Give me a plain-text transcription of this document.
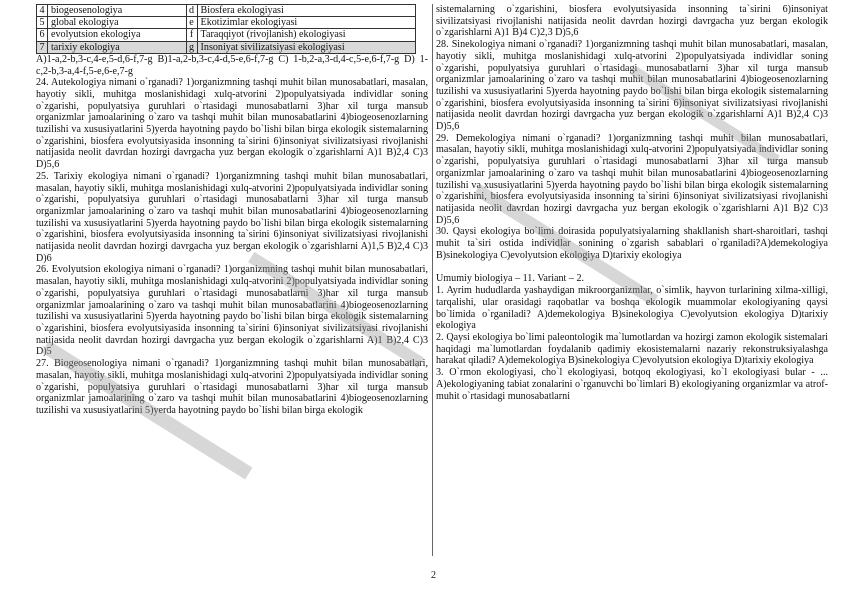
4	biogeosenologiya	d	Biosfera ekologiyasi
5	global ekologiya	e	Ekotizimlar ekologiyasi
6	evolyutsion ekologiya	f	Taraqqiyot (rivojlanish) ekologiyasi
7	tarixiy ekologiya	g	Insoniyat sivilizatsiyasi ekologiyasi

A)1-a,2-b,3-c,4-e,5-d,6-f,7-g B)1-a,2-b,3-c,4-d,5-e,6-f,7-g C) 1-b,2-a,3-d,4-c,5-e,6-f,7-g D) 1-c,2-b,3-a,4-f,5-e,6-e,7-g

24. Autekologiya nimani o`rganadi? 1)organizmning tashqi muhit bilan munosabatlari, masalan, hayotiy sikli, muhitga moslanishidagi xulq-atvorini 2)populyatsiyada individlar soning o`zgarishi, populyatsiya guruhlari o`rtasidagi munosabatlarni 3)har xil turga mansub organizmlar jamoalarining o`zaro va tashqi muhit bilan munosabatlarini 4)biogeosenozlarning tuzilishi va xususiyatlarini 5)yerda hayotning paydo bo`lishi bilan birga ekologik sistemalarning o`zgarishini, biosfera evolyutsiyasida insonning ta`sirini 6)insoniyat sivilizatsiyasi rivojlanishi natijasida neolit davrdan hozirgi davrgacha yuz bergan ekologik o`zgarishlarni A)1 B)2,4 C)3 D)5,6

25. Tarixiy ekologiya nimani o`rganadi? 1)organizmning tashqi muhit bilan munosabatlari, masalan, hayotiy sikli, muhitga moslanishidagi xulq-atvorini 2)populyatsiyada individlar soning o`zgarishi, populyatsiya guruhlari o`rtasidagi munosabatlarni 3)har xil turga mansub organizmlar jamoalarining o`zaro va tashqi muhit bilan munosabatlarini 4)biogeosenozlarning tuzilishi va xususiyatlarini 5)yerda hayotning paydo bo`lishi bilan birga ekologik sistemalarning o`zgarishini, biosfera evolyutsiyasida insonning ta`sirini 6)insoniyat sivilizatsiyasi rivojlanishi natijasida neolit davrdan hozirgi davrgacha yuz bergan ekologik o`zgarishlarni A)1,5 B)2,4 C)3 D)6

26. Evolyutsion ekologiya nimani o`rganadi? 1)organizmning tashqi muhit bilan munosabatlari, masalan, hayotiy sikli, muhitga moslanishidagi xulq-atvorini 2)populyatsiyada individlar soning o`zgarishi, populyatsiya guruhlari o`rtasidagi munosabatlarni 3)har xil turga mansub organizmlar jamoalarining o`zaro va tashqi muhit bilan munosabatlarini 4)biogeosenozlarning tuzilishi va xususiyatlarini 5)yerda hayotning paydo bo`lishi bilan birga ekologik sistemalarning o`zgarishini, biosfera evolyutsiyasida insonning ta`sirini 6)insoniyat sivilizatsiyasi rivojlanishi natijasida neolit davrdan hozirgi davrgacha yuz bergan ekologik o`zgarishlarni A)1 B)2,4 C)3 D)5

27. Biogeosenologiya nimani o`rganadi? 1)organizmning tashqi muhit bilan munosabatlari, masalan, hayotiy sikli, muhitga moslanishidagi xulq-atvorini 2)populyatsiyada individlar soning o`zgarishi, populyatsiya guruhlari o`rtasidagi munosabatlarni 3)har xil turga mansub organizmlar jamoalarining o`zaro va tashqi muhit bilan munosabatlarini 4)biogeosenozlarning tuzilishi va xususiyatlarini 5)yerda hayotning paydo bo`lishi bilan birga ekologik

sistemalarning o`zgarishini, biosfera evolyutsiyasida insonning ta`sirini 6)insoniyat sivilizatsiyasi rivojlanishi natijasida neolit davrdan hozirgi davrgacha yuz bergan ekologik o`zgarishlarni A)1 B)4 C)2,3 D)5,6

28. Sinekologiya nimani o`rganadi? 1)organizmning tashqi muhit bilan munosabatlari, masalan, hayotiy sikli, muhitga moslanishidagi xulq-atvorini 2)populyatsiyada individlar soning o`zgarishi, populyatsiya guruhlari o`rtasidagi munosabatlarni 3)har xil turga mansub organizmlar jamoalarining o`zaro va tashqi muhit bilan munosabatlarini 4)biogeosenozlarning tuzilishi va xususiyatlarini 5)yerda hayotning paydo bo`lishi bilan birga ekologik sistemalarning o`zgarishini, biosfera evolyutsiyasida insonning ta`sirini 6)insoniyat sivilizatsiyasi rivojlanishi natijasida neolit davrdan hozirgi davrgacha yuz bergan ekologik o`zgarishlarni A)1 B)2,4 C)3 D)5,6

29. Demekologiya nimani o`rganadi? 1)organizmning tashqi muhit bilan munosabatlari, masalan, hayotiy sikli, muhitga moslanishidagi xulq-atvorini 2)populyatsiyada individlar soning o`zgarishi, populyatsiya guruhlari o`rtasidagi munosabatlarni 3)har xil turga mansub organizmlar jamoalarining o`zaro va tashqi muhit bilan munosabatlarini 4)biogeosenozlarning tuzilishi va xususiyatlarini 5)yerda hayotning paydo bo`lishi bilan birga ekologik sistemalarning o`zgarishini, biosfera evolyutsiyasida insonning ta`sirini 6)insoniyat sivilizatsiyasi rivojlanishi natijasida neolit davrdan hozirgi davrgacha yuz bergan ekologik o`zgarishlarni A)1 B)2 C)3 D)5,6

30. Qaysi ekologiya bo`limi doirasida populyatsiyalarning shakllanish shart-sharoitlari, tashqi muhit ta`siri ostida individlar sonining o`zgarish sabablari o`rganiladi?A)demekologiya B)sinekologiya C)evolyutsion ekologiya D)tarixiy ekologiya

Umumiy biologiya – 11. Variant – 2.

1. Ayrim hududlarda yashaydigan mikroorganizmlar, o`simlik, hayvon turlarining xilma-xilligi, tarqalishi, ular orasidagi raqobatlar va boshqa ekologik muammolar ekologiyaning qaysi bo`limida o`rganiladi? A)demekologiya B)sinekologiya C)evolyutsion ekologiya D)tarixiy ekologiya

2. Qaysi ekologiya bo`limi paleontologik ma`lumotlardan va hozirgi zamon ekologik sistemalari haqidagi ma`lumotlardan foydalanib qadimiy ekosistemalarni nazariy rekonstruksiyalashga harakat qiladi? A)demekologiya B)sinekologiya C)evolyutsion ekologiya D)tarixiy ekologiya

3. O`rmon ekologiyasi, cho`l ekologiyasi, botqoq ekologiyasi, ko`l ekologiyasi bular - ... A)ekologiyaning tabiat zonalarini o`rganuvchi bo`limlari B) ekologiyaning organizmlar va atrof-muhit o`rtasidagi munosabatlarni

2
